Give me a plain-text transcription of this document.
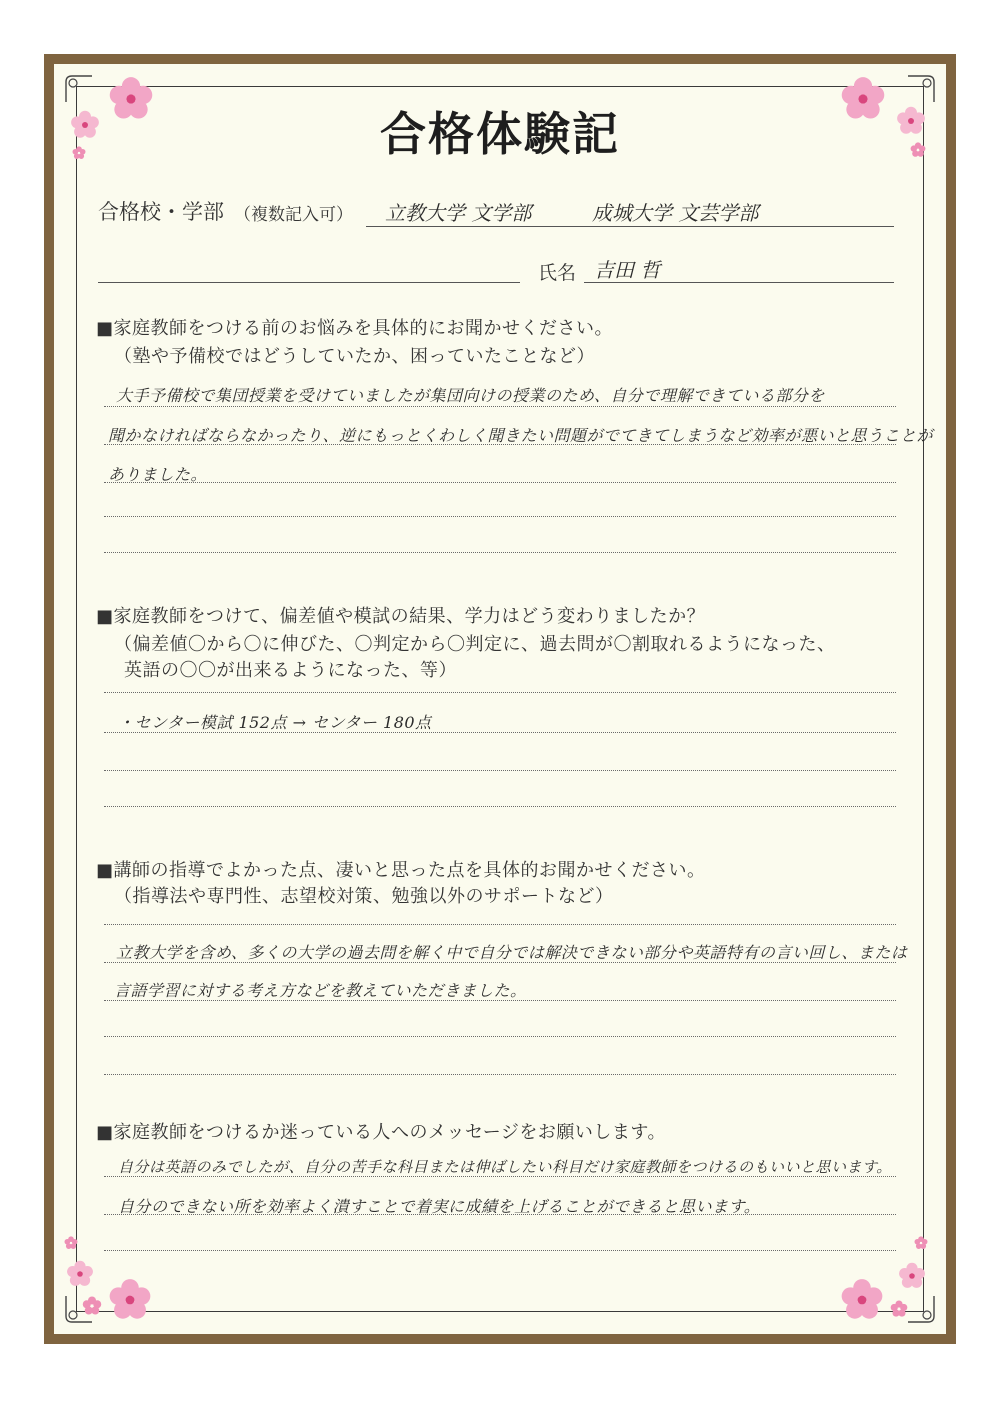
合格体験記
合格校・学部 （複数記入可） 立教大学 文学部	成城大学 文芸学部
氏名 吉田 哲
■家庭教師をつける前のお悩みを具体的にお聞かせください。
（塾や予備校ではどうしていたか、困っていたことなど）
大手予備校で集団授業を受けていましたが集団向けの授業のため、自分で理解できている部分を
聞かなければならなかったり、逆にもっとくわしく聞きたい問題がでてきてしまうなど効率が悪いと思うことが
ありました。
■家庭教師をつけて、偏差値や模試の結果、学力はどう変わりましたか？
（偏差値〇から〇に伸びた、〇判定から〇判定に、過去問が〇割取れるようになった、
英語の〇〇が出来るようになった、等）
・センター模試 152点 → センター 180点
■講師の指導でよかった点、凄いと思った点を具体的お聞かせください。
（指導法や専門性、志望校対策、勉強以外のサポートなど）
立教大学を含め、多くの大学の過去問を解く中で自分では解決できない部分や英語特有の言い回し、または
言語学習に対する考え方などを教えていただきました。
■家庭教師をつけるか迷っている人へのメッセージをお願いします。
自分は英語のみでしたが、自分の苦手な科目または伸ばしたい科目だけ家庭教師をつけるのもいいと思います。
自分のできない所を効率よく潰すことで着実に成績を上げることができると思います。
